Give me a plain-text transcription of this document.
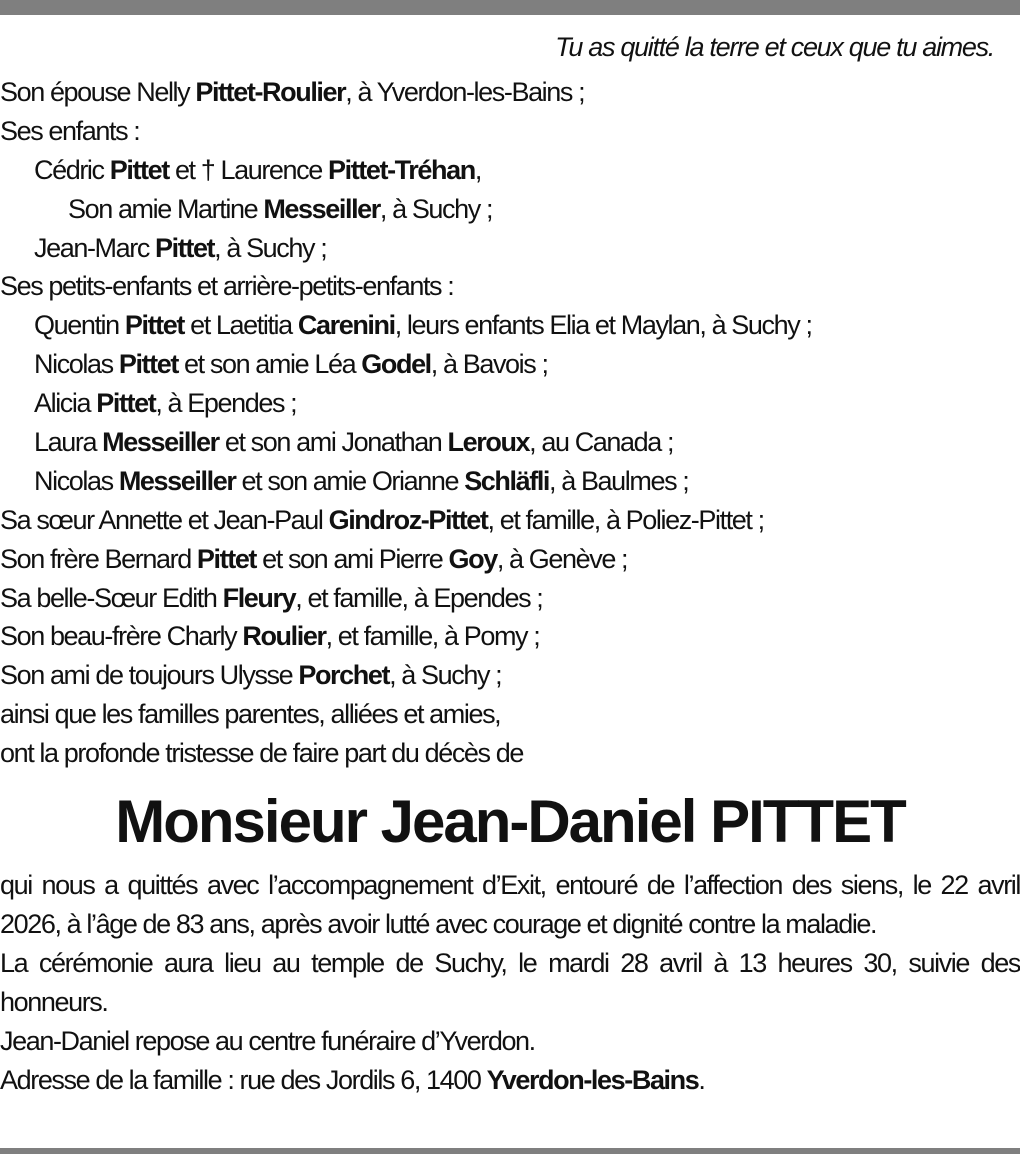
Tu as quitté la terre et ceux que tu aimes.
Son épouse Nelly Pittet-Roulier, à Yverdon-les-Bains ;
Ses enfants :
Cédric Pittet et † Laurence Pittet-Tréhan,
Son amie Martine Messeiller, à Suchy ;
Jean-Marc Pittet, à Suchy ;
Ses petits-enfants et arrière-petits-enfants :
Quentin Pittet et Laetitia Carenini, leurs enfants Elia et Maylan, à Suchy ;
Nicolas Pittet et son amie Léa Godel, à Bavois ;
Alicia Pittet, à Ependes ;
Laura Messeiller et son ami Jonathan Leroux, au Canada ;
Nicolas Messeiller et son amie Orianne Schläfli, à Baulmes ;
Sa sœur Annette et Jean-Paul Gindroz-Pittet, et famille, à Poliez-Pittet ;
Son frère Bernard Pittet et son ami Pierre Goy, à Genève ;
Sa belle-Sœur Edith Fleury, et famille, à Ependes ;
Son beau-frère Charly Roulier, et famille, à Pomy ;
Son ami de toujours Ulysse Porchet, à Suchy ;
ainsi que les familles parentes, alliées et amies,
ont la profonde tristesse de faire part du décès de
Monsieur Jean-Daniel PITTET

qui nous a quittés avec l’accompagnement d’Exit, entouré de l’affection des siens, le 22 avril 2026, à l’âge de 83 ans, après avoir lutté avec courage et dignité contre la maladie.

La cérémonie aura lieu au temple de Suchy, le mardi 28 avril à 13 heures 30, suivie des honneurs.

Jean-Daniel repose au centre funéraire d’Yverdon.

Adresse de la famille : rue des Jordils 6, 1400 Yverdon-les-Bains.
